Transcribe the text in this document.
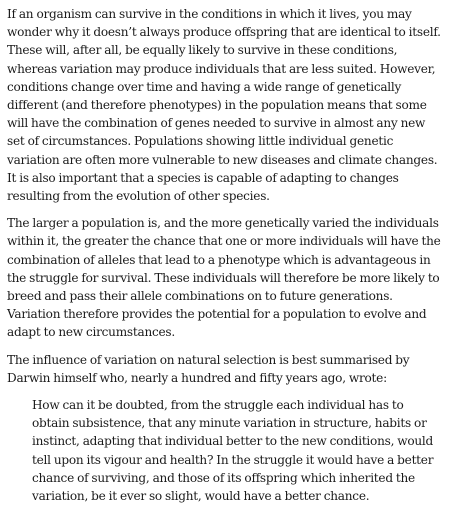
If an organism can survive in the conditions in which it lives, you may wonder why it doesn’t always produce offspring that are identical to itself. These will, after all, be equally likely to survive in these conditions, whereas variation may produce individuals that are less suited. However, conditions change over time and having a wide range of genetically different (and therefore phenotypes) in the population means that some will have the combination of genes needed to survive in almost any new set of circumstances. Populations showing little individual genetic variation are often more vulnerable to new diseases and climate changes. It is also important that a species is capable of adapting to changes resulting from the evolution of other species.

The larger a population is, and the more genetically varied the individuals within it, the greater the chance that one or more individuals will have the combination of alleles that lead to a phenotype which is advantageous in the struggle for survival. These individuals will therefore be more likely to breed and pass their allele combinations on to future generations. Variation therefore provides the potential for a population to evolve and adapt to new circumstances.

The influence of variation on natural selection is best summarised by Darwin himself who, nearly a hundred and fifty years ago, wrote:

How can it be doubted, from the struggle each individual has to obtain subsistence, that any minute variation in structure, habits or instinct, adapting that individual better to the new conditions, would tell upon its vigour and health? In the struggle it would have a better chance of surviving, and those of its offspring which inherited the variation, be it ever so slight, would have a better chance.
